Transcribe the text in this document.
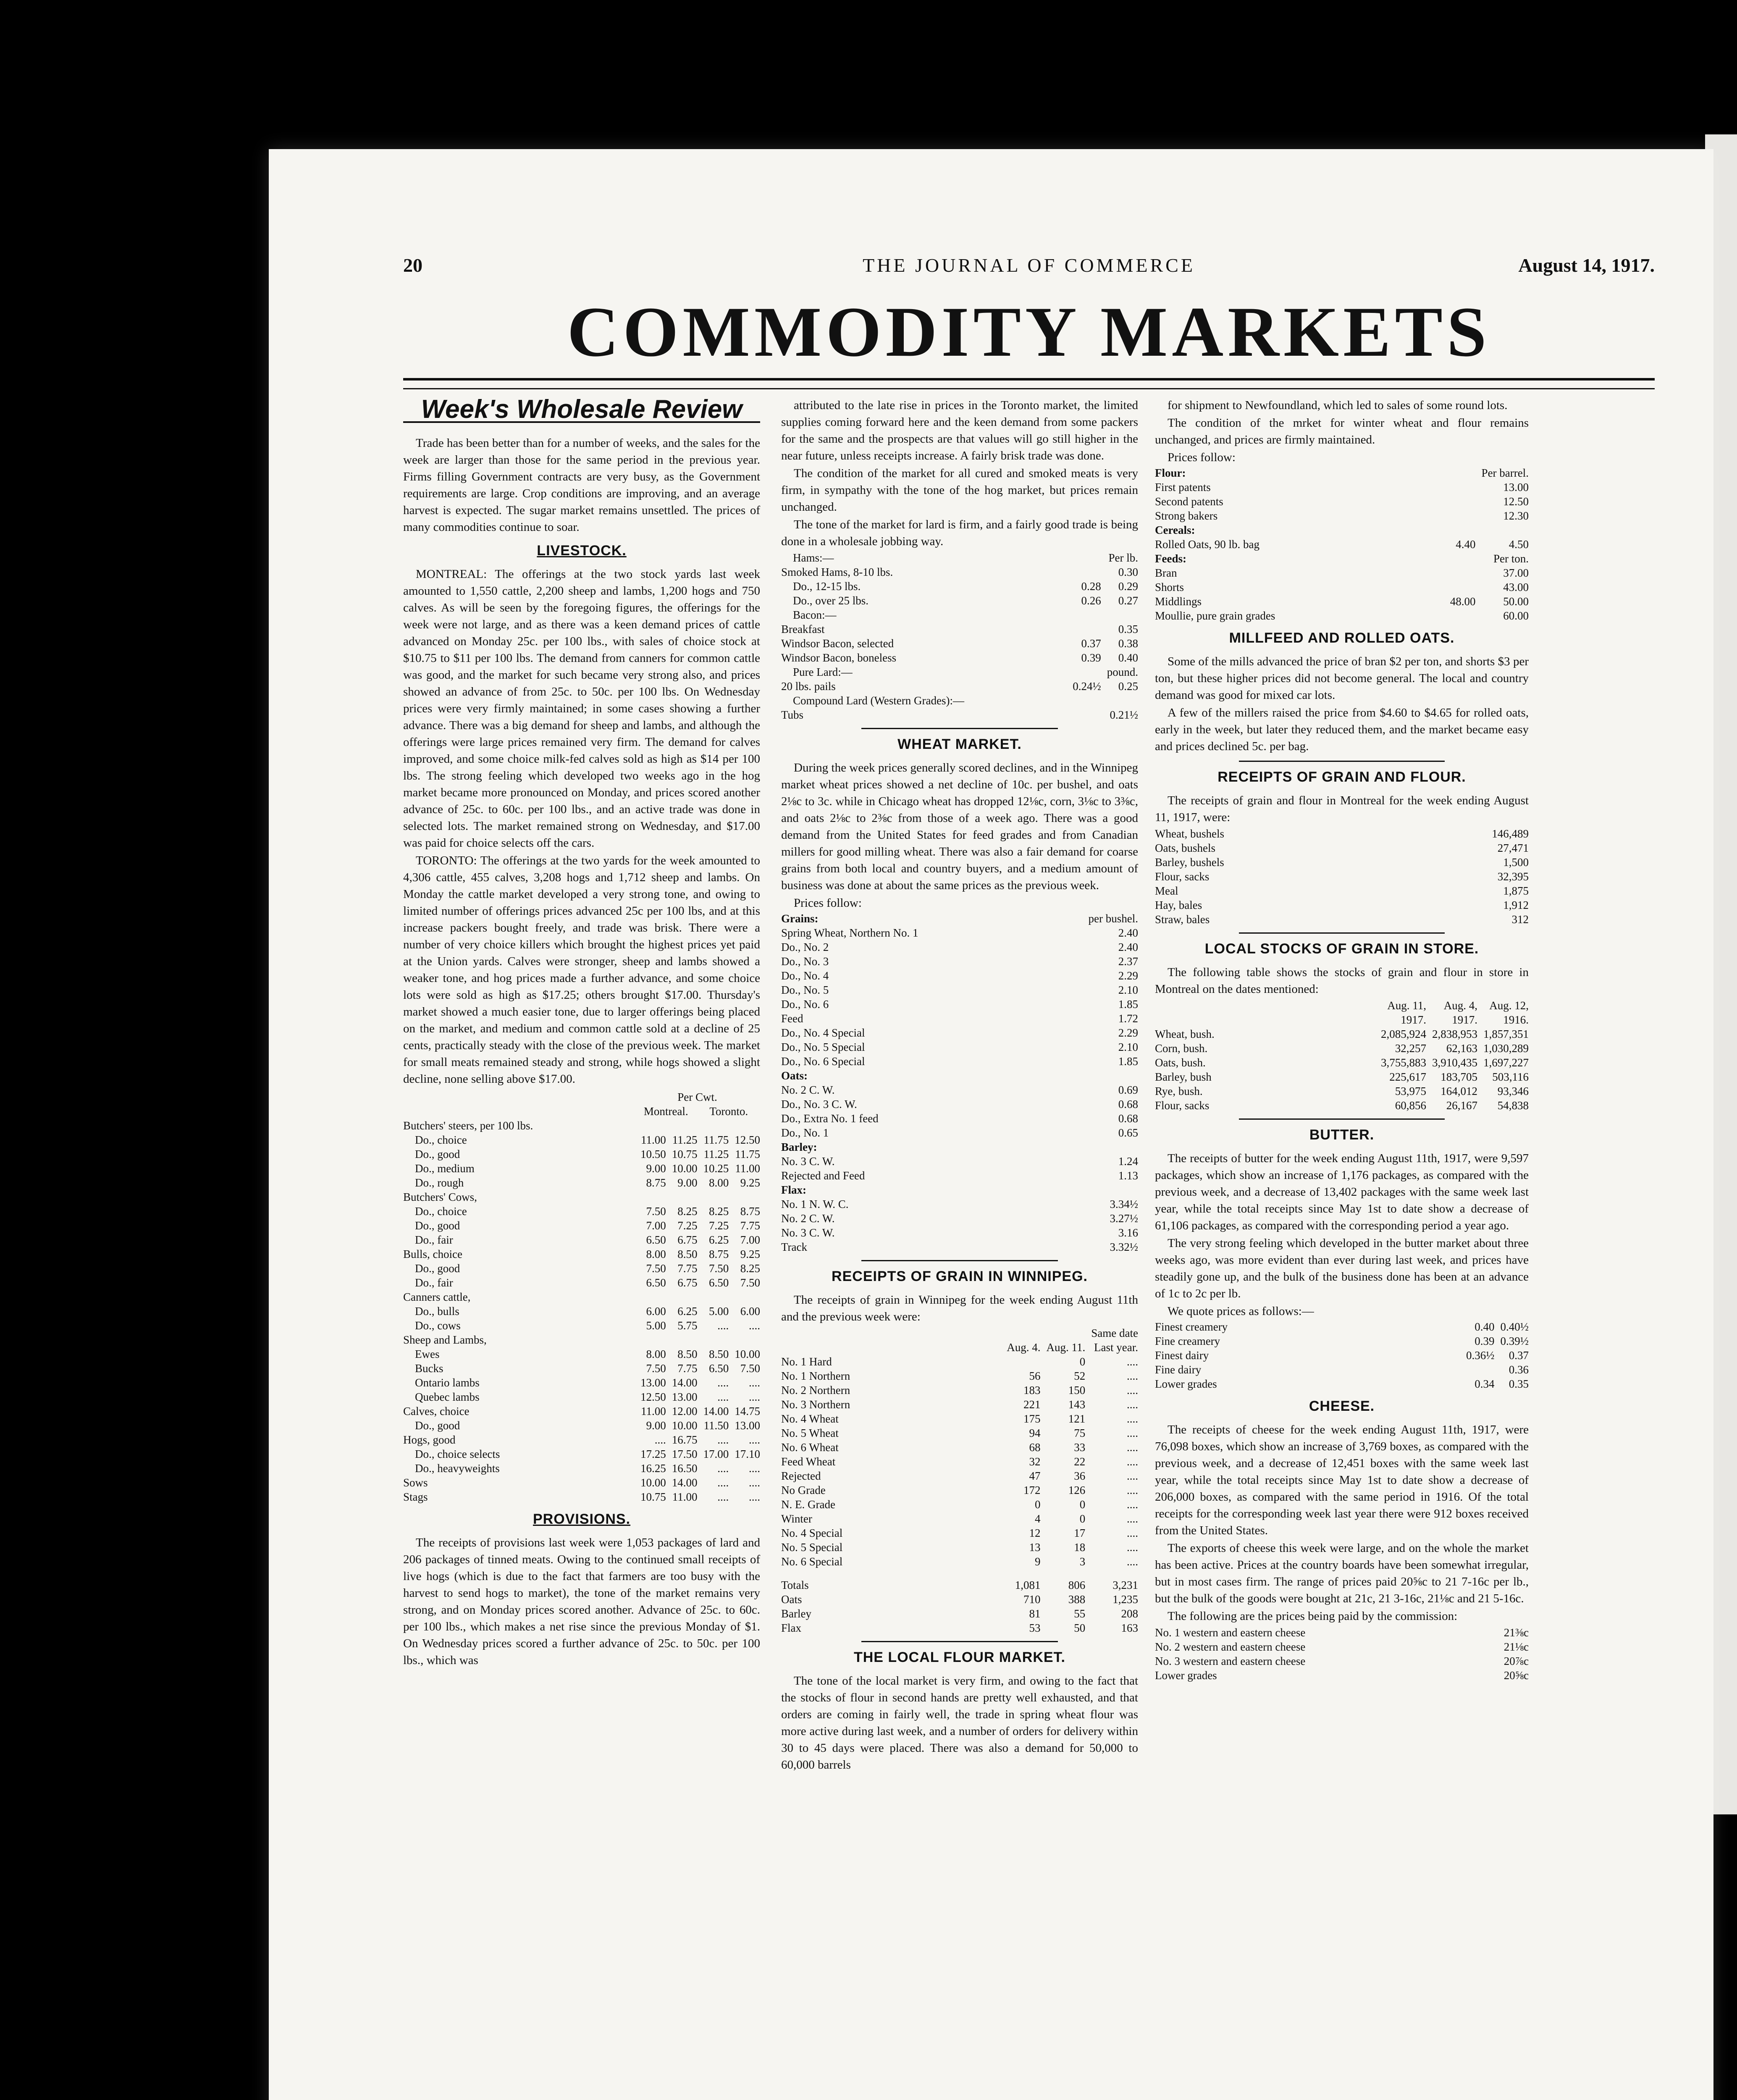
20	THE JOURNAL OF COMMERCE	August 14, 1917.
COMMODITY MARKETS
Week's Wholesale Review

Trade has been better than for a number of weeks, and the sales for the week are larger than those for the same period in the previous year. Firms filling Government contracts are very busy, as the Government requirements are large. Crop conditions are improving, and an average harvest is expected. The sugar market remains unsettled. The prices of many commodities continue to soar.

LIVESTOCK.

MONTREAL: The offerings at the two stock yards last week amounted to 1,550 cattle, 2,200 sheep and lambs, 1,200 hogs and 750 calves. As will be seen by the foregoing figures, the offerings for the week were not large, and as there was a keen demand prices of cattle advanced on Monday 25c. per 100 lbs., with sales of choice stock at $10.75 to $11 per 100 lbs. The demand from canners for common cattle was good, and the market for such became very strong also, and prices showed an advance of from 25c. to 50c. per 100 lbs. On Wednesday prices were very firmly maintained; in some cases showing a further advance. There was a big demand for sheep and lambs, and although the offerings were large prices remained very firm. The demand for calves improved, and some choice milk-fed calves sold as high as $14 per 100 lbs. The strong feeling which developed two weeks ago in the hog market became more pronounced on Monday, and prices scored another advance of 25c. to 60c. per 100 lbs., and an active trade was done in selected lots. The market remained strong on Wednesday, and $17.00 was paid for choice selects off the cars.

TORONTO: The offerings at the two yards for the week amounted to 4,306 cattle, 455 calves, 3,208 hogs and 1,712 sheep and lambs. On Monday the cattle market developed a very strong tone, and owing to limited number of offerings prices advanced 25c per 100 lbs, and at this increase packers bought freely, and trade was brisk. There were a number of very choice killers which brought the highest prices yet paid at the Union yards. Calves were stronger, sheep and lambs showed a weaker tone, and hog prices made a further advance, and some choice lots were sold as high as $17.25; others brought $17.00. Thursday's market showed a much easier tone, due to larger offerings being placed on the market, and medium and common cattle sold at a decline of 25 cents, practically steady with the close of the previous week. The market for small meats remained steady and strong, while hogs showed a slight decline, none selling above $17.00.

		Per Cwt.		
	Montreal.		Toronto.	
Butchers' steers, per 100 lbs.				
Do., choice	11.00	11.25	11.75	12.50
Do., good	10.50	10.75	11.25	11.75
Do., medium	9.00	10.00	10.25	11.00
Do., rough	8.75	9.00	8.00	9.25
Butchers' Cows,				
Do., choice	7.50	8.25	8.25	8.75
Do., good	7.00	7.25	7.25	7.75
Do., fair	6.50	6.75	6.25	7.00
Bulls, choice	8.00	8.50	8.75	9.25
Do., good	7.50	7.75	7.50	8.25
Do., fair	6.50	6.75	6.50	7.50
Canners cattle,				
Do., bulls	6.00	6.25	5.00	6.00
Do., cows	5.00	5.75	....	....
Sheep and Lambs,				
Ewes	8.00	8.50	8.50	10.00
Bucks	7.50	7.75	6.50	7.50
Ontario lambs	13.00	14.00	....	....
Quebec lambs	12.50	13.00	....	....
Calves, choice	11.00	12.00	14.00	14.75
Do., good	9.00	10.00	11.50	13.00
Hogs, good	....	16.75	....	....
Do., choice selects	17.25	17.50	17.00	17.10
Do., heavyweights	16.25	16.50	....	....
Sows	10.00	14.00	....	....
Stags	10.75	11.00	....	....
PROVISIONS.

The receipts of provisions last week were 1,053 packages of lard and 206 packages of tinned meats. Owing to the continued small receipts of live hogs (which is due to the fact that farmers are too busy with the harvest to send hogs to market), the tone of the market remains very strong, and on Monday prices scored another. Advance of 25c. to 60c. per 100 lbs., which makes a net rise since the previous Monday of $1. On Wednesday prices scored a further advance of 25c. to 50c. per 100 lbs., which was

attributed to the late rise in prices in the Toronto market, the limited supplies coming forward here and the keen demand from some packers for the same and the prospects are that values will go still higher in the near future, unless receipts increase. A fairly brisk trade was done.

The condition of the market for all cured and smoked meats is very firm, in sympathy with the tone of the hog market, but prices remain unchanged.

The tone of the market for lard is firm, and a fairly good trade is being done in a wholesale jobbing way.

Hams:—		Per lb.
Smoked Hams, 8-10 lbs.		0.30
Do., 12-15 lbs.	0.28	0.29
Do., over 25 lbs.	0.26	0.27
Bacon:—		
Breakfast		0.35
Windsor Bacon, selected	0.37	0.38
Windsor Bacon, boneless	0.39	0.40
Pure Lard:—		pound.
20 lbs. pails	0.24½	0.25
Compound Lard (Western Grades):—		
Tubs		0.21½
WHEAT MARKET.

During the week prices generally scored declines, and in the Winnipeg market wheat prices showed a net decline of 10c. per bushel, and oats 2⅛c to 3c. while in Chicago wheat has dropped 12⅛c, corn, 3⅛c to 3⅜c, and oats 2⅛c to 2⅜c from those of a week ago. There was a good demand from the United States for feed grades and from Canadian millers for good milling wheat. There was also a fair demand for coarse grains from both local and country buyers, and a medium amount of business was done at about the same prices as the previous week.

Prices follow:
Grains:	per bushel.
Spring Wheat, Northern No. 1	2.40
Do., No. 2	2.40
Do., No. 3	2.37
Do., No. 4	2.29
Do., No. 5	2.10
Do., No. 6	1.85
Feed	1.72
Do., No. 4 Special	2.29
Do., No. 5 Special	2.10
Do., No. 6 Special	1.85
Oats:	
No. 2 C. W.	0.69
Do., No. 3 C. W.	0.68
Do., Extra No. 1 feed	0.68
Do., No. 1	0.65
Barley:	
No. 3 C. W.	1.24
Rejected and Feed	1.13
Flax:	
No. 1 N. W. C.	3.34½
No. 2 C. W.	3.27½
No. 3 C. W.	3.16
Track	3.32½
RECEIPTS OF GRAIN IN WINNIPEG.

The receipts of grain in Winnipeg for the week ending August 11th and the previous week were:

			Same date
	Aug. 4.	Aug. 11.	Last year.
No. 1 Hard		0	....
No. 1 Northern	56	52	....
No. 2 Northern	183	150	....
No. 3 Northern	221	143	....
No. 4 Wheat	175	121	....
No. 5 Wheat	94	75	....
No. 6 Wheat	68	33	....
Feed Wheat	32	22	....
Rejected	47	36	....
No Grade	172	126	....
N. E. Grade	0	0	....
Winter	4	0	....
No. 4 Special	12	17	....
No. 5 Special	13	18	....
No. 6 Special	9	3	....

Totals	1,081	806	3,231
Oats	710	388	1,235
Barley	81	55	208
Flax	53	50	163
THE LOCAL FLOUR MARKET.

The tone of the local market is very firm, and owing to the fact that the stocks of flour in second hands are pretty well exhausted, and that orders are coming in fairly well, the trade in spring wheat flour was more active during last week, and a number of orders for delivery within 30 to 45 days were placed. There was also a demand for 50,000 to 60,000 barrels

for shipment to Newfoundland, which led to sales of some round lots.

The condition of the mrket for winter wheat and flour remains unchanged, and prices are firmly maintained.

Prices follow:
Flour:		Per barrel.
First patents		13.00
Second patents		12.50
Strong bakers		12.30
Cereals:		
Rolled Oats, 90 lb. bag	4.40	4.50
Feeds:		Per ton.
Bran		37.00
Shorts		43.00
Middlings	48.00	50.00
Moullie, pure grain grades		60.00
MILLFEED AND ROLLED OATS.

Some of the mills advanced the price of bran $2 per ton, and shorts $3 per ton, but these higher prices did not become general. The local and country demand was good for mixed car lots.

A few of the millers raised the price from $4.60 to $4.65 for rolled oats, early in the week, but later they reduced them, and the market became easy and prices declined 5c. per bag.

RECEIPTS OF GRAIN AND FLOUR.

The receipts of grain and flour in Montreal for the week ending August 11, 1917, were:

Wheat, bushels	146,489
Oats, bushels	27,471
Barley, bushels	1,500
Flour, sacks	32,395
Meal	1,875
Hay, bales	1,912
Straw, bales	312
LOCAL STOCKS OF GRAIN IN STORE.

The following table shows the stocks of grain and flour in store in Montreal on the dates mentioned:

	Aug. 11,	Aug. 4,	Aug. 12,
	1917.	1917.	1916.
Wheat, bush.	2,085,924	2,838,953	1,857,351
Corn, bush.	32,257	62,163	1,030,289
Oats, bush.	3,755,883	3,910,435	1,697,227
Barley, bush	225,617	183,705	503,116
Rye, bush.	53,975	164,012	93,346
Flour, sacks	60,856	26,167	54,838
BUTTER.

The receipts of butter for the week ending August 11th, 1917, were 9,597 packages, which show an increase of 1,176 packages, as compared with the previous week, and a decrease of 13,402 packages with the same week last year, while the total receipts since May 1st to date show a decrease of 61,106 packages, as compared with the corresponding period a year ago.

The very strong feeling which developed in the butter market about three weeks ago, was more evident than ever during last week, and prices have steadily gone up, and the bulk of the business done has been at an advance of 1c to 2c per lb.

We quote prices as follows:—
Finest creamery	0.40	0.40½
Fine creamery	0.39	0.39½
Finest dairy	0.36½	0.37
Fine dairy		0.36
Lower grades	0.34	0.35
CHEESE.

The receipts of cheese for the week ending August 11th, 1917, were 76,098 boxes, which show an increase of 3,769 boxes, as compared with the previous week, and a decrease of 12,451 boxes with the same week last year, while the total receipts since May 1st to date show a decrease of 206,000 boxes, as compared with the same period in 1916. Of the total receipts for the corresponding week last year there were 912 boxes received from the United States.

The exports of cheese this week were large, and on the whole the market has been active. Prices at the country boards have been somewhat irregular, but in most cases firm. The range of prices paid 20⅝c to 21 7-16c per lb., but the bulk of the goods were bought at 21c, 21 3-16c, 21⅛c and 21 5-16c.

The following are the prices being paid by the commission:

No. 1 western and eastern cheese	21⅜c
No. 2 western and eastern cheese	21⅛c
No. 3 western and eastern cheese	20⅞c
Lower grades	20⅝c
